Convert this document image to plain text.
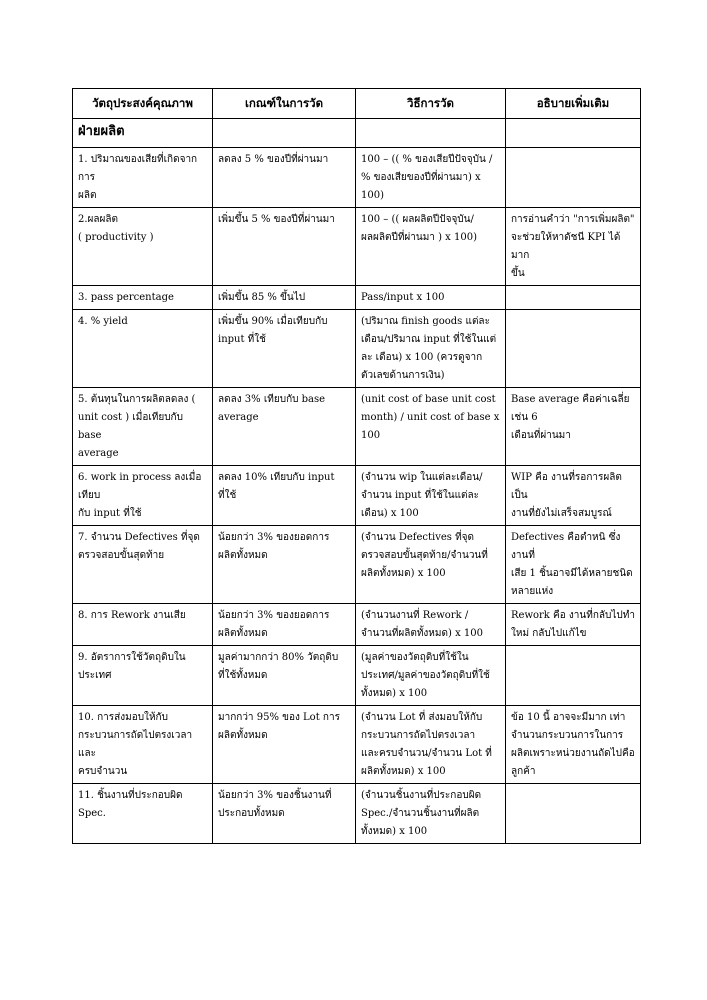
วัตถุประสงค์คุณภาพ	เกณฑ์ในการวัด	วิธีการวัด	อธิบายเพิ่มเติม
ฝ่ายผลิต			
1. ปริมาณของเสียที่เกิดจากการ
ผลิต	ลดลง 5 % ของปีที่ผ่านมา	100 – (( % ของเสียปีปัจจุบัน /
% ของเสียของปีที่ผ่านมา) x
100)	
2.ผลผลิต
( productivity )	เพิ่มขึ้น 5 % ของปีที่ผ่านมา	100 – (( ผลผลิตปีปัจจุบัน/
ผลผลิตปีที่ผ่านมา ) x 100)	การอ่านคำว่า "การเพิ่มผลิต"
จะช่วยให้หาดัชนี KPI ได้มาก
ขึ้น
3. pass percentage	เพิ่มขึ้น 85 % ขึ้นไป	Pass/input x 100	
4. % yield	เพิ่มขึ้น 90% เมื่อเทียบกับ
input ที่ใช้	(ปริมาณ finish goods แต่ละ
เดือน/ปริมาณ input ที่ใช้ในแต่
ละ เดือน) x 100 (ควรดูจาก
ตัวเลขด้านการเงิน)	
5. ต้นทุนในการผลิตลดลง (
unit cost ) เมื่อเทียบกับ base
average	ลดลง 3% เทียบกับ base
average	(unit cost of base unit cost
month) / unit cost of base x
100	Base average คือค่าเฉลี่ย เช่น 6
เดือนที่ผ่านมา
6. work in process ลงเมื่อเทียบ
กับ input ที่ใช้	ลดลง 10% เทียบกับ input
ที่ใช้	(จำนวน wip ในแต่ละเดือน/
จำนวน input ที่ใช้ในแต่ละ
เดือน) x 100	WIP คือ งานที่รอการผลิตเป็น
งานที่ยังไม่เสร็จสมบูรณ์
7. จำนวน Defectives ที่จุด
ตรวจสอบขั้นสุดท้าย	น้อยกว่า 3% ของยอดการ
ผลิตทั้งหมด	(จำนวน Defectives ที่จุด
ตรวจสอบขั้นสุดท้าย/จำนวนที่
ผลิตทั้งหมด) x 100	Defectives คือตำหนิ ซึ่งงานที่
เสีย 1 ชิ้นอาจมีได้หลายชนิด
หลายแห่ง
8. การ Rework งานเสีย	น้อยกว่า 3% ของยอดการ
ผลิตทั้งหมด	(จำนวนงานที่ Rework /
จำนวนที่ผลิตทั้งหมด) x 100	Rework คือ งานที่กลับไปทำ
ใหม่ กลับไปแก้ไข
9. อัตราการใช้วัตถุดิบใน
ประเทศ	มูลค่ามากกว่า 80% วัตถุดิบ
ที่ใช้ทั้งหมด	(มูลค่าของวัตถุดิบที่ใช้ใน
ประเทศ/มูลค่าของวัตถุดิบที่ใช้
ทั้งหมด) x 100	
10. การส่งมอบให้กับ
กระบวนการถัดไปตรงเวลาและ
ครบจำนวน	มากกว่า 95% ของ Lot การ
ผลิตทั้งหมด	(จำนวน Lot ที่ ส่งมอบให้กับ
กระบวนการถัดไปตรงเวลา
และครบจำนวน/จำนวน Lot ที่
ผลิตทั้งหมด) x 100	ข้อ 10 นี้ อาจจะมีมาก เท่า
จำนวนกระบวนการในการ
ผลิตเพราะหน่วยงานถัดไปคือ
ลูกค้า
11. ชิ้นงานที่ประกอบผิด Spec.	น้อยกว่า 3% ของชิ้นงานที่
ประกอบทั้งหมด	(จำนวนชิ้นงานที่ประกอบผิด
Spec./จำนวนชิ้นงานที่ผลิต
ทั้งหมด) x 100	
